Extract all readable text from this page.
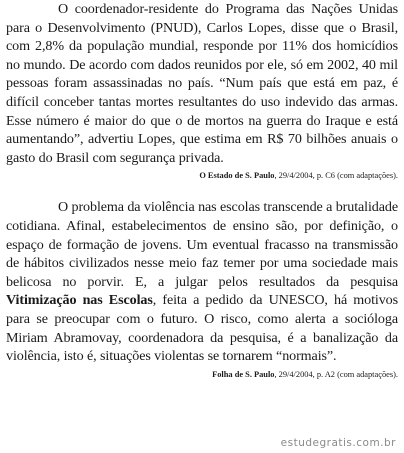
O coordenador-residente do Programa das Nações Unidas para o Desenvolvimento (PNUD), Carlos Lopes, disse que o Brasil, com 2,8% da população mundial, responde por 11% dos homicídios no mundo. De acordo com dados reunidos por ele, só em 2002, 40 mil pessoas foram assassinadas no país. “Num país que está em paz, é difícil conceber tantas mortes resultantes do uso indevido das armas. Esse número é maior do que o de mortos na guerra do Iraque e está aumentando”, advertiu Lopes, que estima em R$ 70 bilhões anuais o gasto do Brasil com segurança privada.

O Estado de S. Paulo, 29/4/2004, p. C6 (com adaptações).

O problema da violência nas escolas transcende a brutalidade cotidiana. Afinal, estabelecimentos de ensino são, por definição, o espaço de formação de jovens. Um eventual fracasso na transmissão de hábitos civilizados nesse meio faz temer por uma sociedade mais belicosa no porvir. E, a julgar pelos resultados da pesquisa Vitimização nas Escolas, feita a pedido da UNESCO, há motivos para se preocupar com o futuro. O risco, como alerta a socióloga Miriam Abramovay, coordenadora da pesquisa, é a banalização da violência, isto é, situações violentas se tornarem “normais”.

Folha de S. Paulo, 29/4/2004, p. A2 (com adaptações).

estudegratis.com.br
